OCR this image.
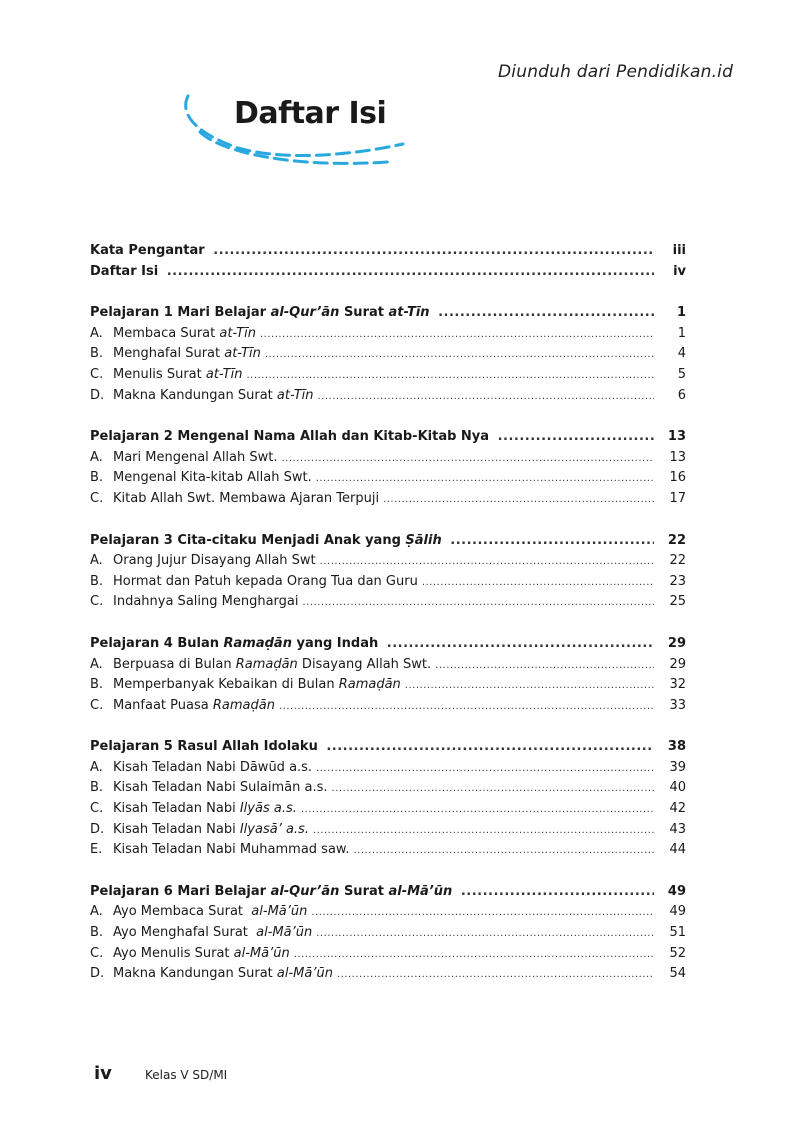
Diunduh dari Pendidikan.id
Daftar Isi
Kata Pengantar .....	iii
Daftar Isi .....	iv
Pelajaran 1 Mari Belajar al-Qur’ān Surat at-Tīn .....	1
A. Membaca Surat at-Tīn .....	1
B. Menghafal Surat at-Tīn .....	4
C. Menulis Surat at-Tīn .....	5
D. Makna Kandungan Surat at-Tīn .....	6
Pelajaran 2 Mengenal Nama Allah dan Kitab-Kitab Nya .....	13
A. Mari Mengenal Allah Swt. .....	13
B. Mengenal Kita-kitab Allah Swt. .....	16
C. Kitab Allah Swt. Membawa Ajaran Terpuji .....	17
Pelajaran 3 Cita-citaku Menjadi Anak yang Ṣālih .....	22
A. Orang Jujur Disayang Allah Swt .....	22
B. Hormat dan Patuh kepada Orang Tua dan Guru .....	23
C. Indahnya Saling Menghargai .....	25
Pelajaran 4 Bulan Ramaḍān yang Indah .....	29
A. Berpuasa di Bulan Ramaḍān Disayang Allah Swt. .....	29
B. Memperbanyak Kebaikan di Bulan Ramaḍān .....	32
C. Manfaat Puasa Ramaḍān .....	33
Pelajaran 5 Rasul Allah Idolaku .....	38
A. Kisah Teladan Nabi Dāwūd a.s. .....	39
B. Kisah Teladan Nabi Sulaimān a.s. .....	40
C. Kisah Teladan Nabi Ilyās a.s. .....	42
D. Kisah Teladan Nabi Ilyasā’ a.s. .....	43
E. Kisah Teladan Nabi Muhammad saw. .....	44
Pelajaran 6 Mari Belajar al-Qur’ān Surat al-Mā’ūn .....	49
A. Ayo Membaca Surat  al-Mā’ūn .....	49
B. Ayo Menghafal Surat  al-Mā’ūn .....	51
C. Ayo Menulis Surat al-Mā’ūn .....	52
D. Makna Kandungan Surat al-Mā’ūn .....	54
iv	Kelas V SD/MI
